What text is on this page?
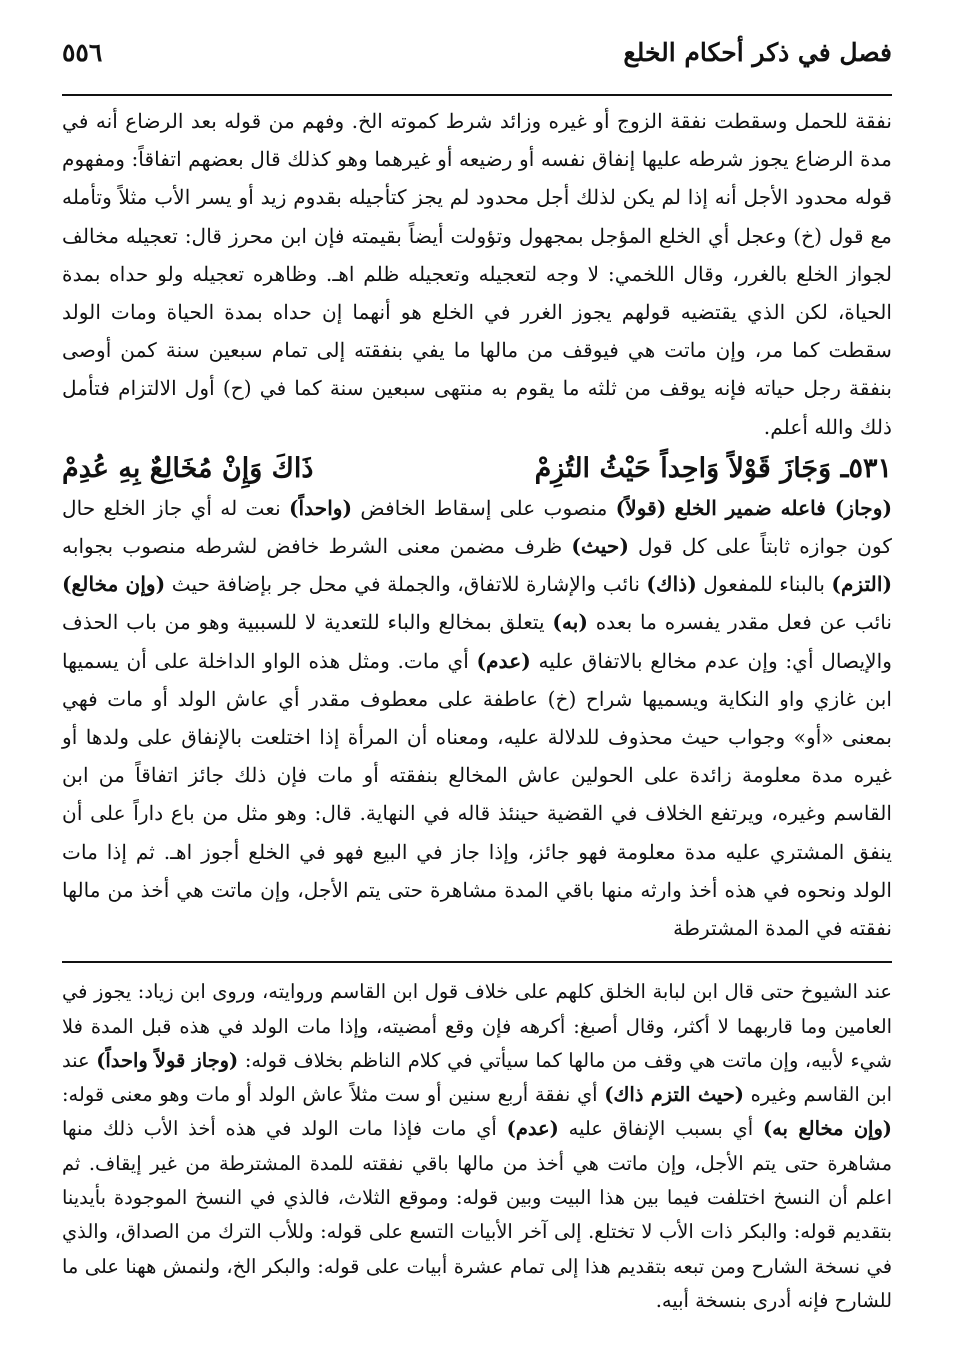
فصل في ذكر أحكام الخلع
٥٥٦

نفقة للحمل وسقطت نفقة الزوج أو غيره وزائد شرط كموته الخ. وفهم من قوله بعد الرضاع أنه في مدة الرضاع يجوز شرطه عليها إنفاق نفسه أو رضيعه أو غيرهما وهو كذلك قال بعضهم اتفاقاً: ومفهوم قوله محدود الأجل أنه إذا لم يكن لذلك أجل محدود لم يجز كتأجيله بقدوم زيد أو يسر الأب مثلاً وتأمله مع قول (خ) وعجل أي الخلع المؤجل بمجهول وتؤولت أيضاً بقيمته فإن ابن محرز قال: تعجيله مخالف لجواز الخلع بالغرر، وقال اللخمي: لا وجه لتعجيله وتعجيله ظلم اهـ. وظاهره تعجيله ولو حداه بمدة الحياة، لكن الذي يقتضيه قولهم يجوز الغرر في الخلع هو أنهما إن حداه بمدة الحياة ومات الولد سقطت كما مر، وإن ماتت هي فيوقف من مالها ما يفي بنفقته إلى تمام سبعين سنة كمن أوصى بنفقة رجل حياته فإنه يوقف من ثلثه ما يقوم به منتهى سبعين سنة كما في (ح) أول الالتزام فتأمل ذلك والله أعلم.

٥٣١ـ وَجَازَ قَوْلاً وَاحِداً حَيْثُ التُزِمْ
ذَاكَ وَإِنْ مُخَالِعٌ بِهِ عُدِمْ

(وجاز) فاعله ضمير الخلع (قولاً) منصوب على إسقاط الخافض (واحداً) نعت له أي جاز الخلع حال كون جوازه ثابتاً على كل قول (حيث) ظرف مضمن معنى الشرط خافض لشرطه منصوب بجوابه (التزم) بالبناء للمفعول (ذاك) نائب والإشارة للاتفاق، والجملة في محل جر بإضافة حيث (وإن مخالع) نائب عن فعل مقدر يفسره ما بعده (به) يتعلق بمخالع والباء للتعدية لا للسببية وهو من باب الحذف والإيصال أي: وإن عدم مخالع بالاتفاق عليه (عدم) أي مات. ومثل هذه الواو الداخلة على أن يسميها ابن غازي واو النكاية ويسميها شراح (خ) عاطفة على معطوف مقدر أي عاش الولد أو مات فهي بمعنى «أو» وجواب حيث محذوف للدلالة عليه، ومعناه أن المرأة إذا اختلعت بالإنفاق على ولدها أو غيره مدة معلومة زائدة على الحولين عاش المخالع بنفقته أو مات فإن ذلك جائز اتفاقاً من ابن القاسم وغيره، ويرتفع الخلاف في القضية حينئذ قاله في النهاية. قال: وهو مثل من باع داراً على أن ينفق المشتري عليه مدة معلومة فهو جائز، وإذا جاز في البيع فهو في الخلع أجوز اهـ. ثم إذا مات الولد ونحوه في هذه أخذ وارثه منها باقي المدة مشاهرة حتى يتم الأجل، وإن ماتت هي أخذ من مالها نفقته في المدة المشترطة

عند الشيوخ حتى قال ابن لبابة الخلق كلهم على خلاف قول ابن القاسم وروايته، وروى ابن زياد: يجوز في العامين وما قاربهما لا أكثر، وقال أصبغ: أكرهه فإن وقع أمضيته، وإذا مات الولد في هذه قبل المدة فلا شيء لأبيه، وإن ماتت هي وقف من مالها كما سيأتي في كلام الناظم بخلاف قوله: (وجاز قولاً واحداً) عند ابن القاسم وغيره (حيث التزم ذاك) أي نفقة أربع سنين أو ست مثلاً عاش الولد أو مات وهو معنى قوله: (وإن مخالع به) أي بسبب الإنفاق عليه (عدم) أي مات فإذا مات الولد في هذه أخذ الأب ذلك منها مشاهرة حتى يتم الأجل، وإن ماتت هي أخذ من مالها باقي نفقته للمدة المشترطة من غير إيقاف. ثم اعلم أن النسخ اختلفت فيما بين هذا البيت وبين قوله: وموقع الثلاث، فالذي في النسخ الموجودة بأيدينا بتقديم قوله: والبكر ذات الأب لا تختلع. إلى آخر الأبيات التسع على قوله: وللأب الترك من الصداق، والذي في نسخة الشارح ومن تبعه بتقديم هذا إلى تمام عشرة أبيات على قوله: والبكر الخ، ولنمش ههنا على ما للشارح فإنه أدرى بنسخة أبيه.
